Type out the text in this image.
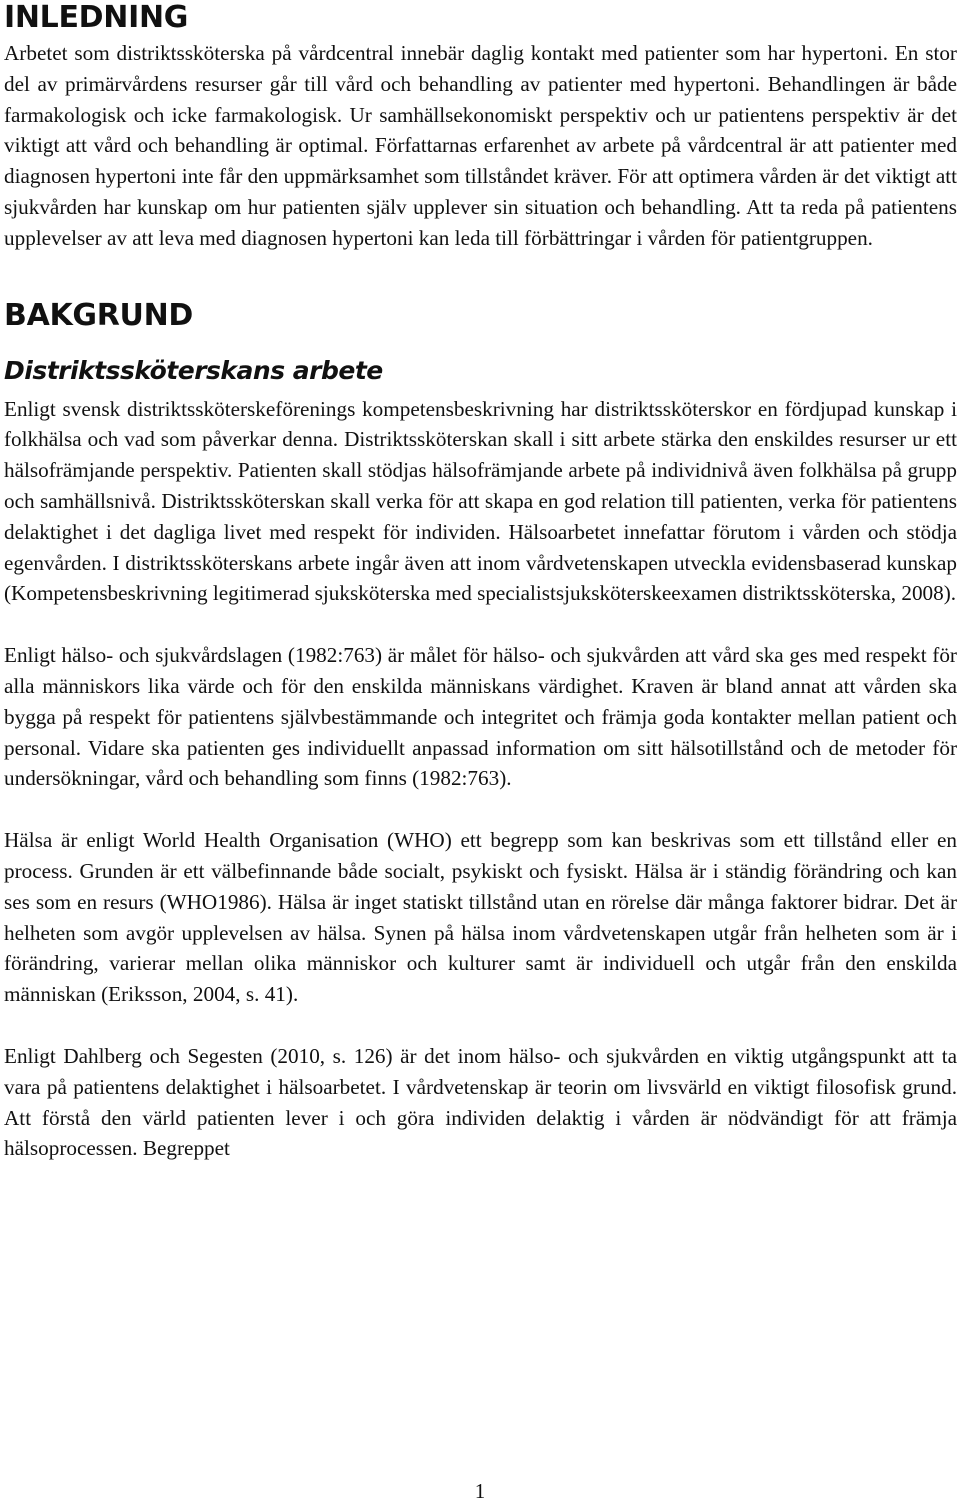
INLEDNING

Arbetet som distriktssköterska på vårdcentral innebär daglig kontakt med patienter som har hypertoni. En stor del av primärvårdens resurser går till vård och behandling av patienter med hypertoni. Behandlingen är både farmakologisk och icke farmakologisk. Ur samhällsekonomiskt perspektiv och ur patientens perspektiv är det viktigt att vård och behandling är optimal. Författarnas erfarenhet av arbete på vårdcentral är att patienter med diagnosen hypertoni inte får den uppmärksamhet som tillståndet kräver. För att optimera vården är det viktigt att sjukvården har kunskap om hur patienten själv upplever sin situation och behandling. Att ta reda på patientens upplevelser av att leva med diagnosen hypertoni kan leda till förbättringar i vården för patientgruppen.

BAKGRUND
Distriktssköterskans arbete

Enligt svensk distriktssköterskeförenings kompetensbeskrivning har distriktssköterskor en fördjupad kunskap i folkhälsa och vad som påverkar denna. Distriktssköterskan skall i sitt arbete stärka den enskildes resurser ur ett hälsofrämjande perspektiv. Patienten skall stödjas hälsofrämjande arbete på individnivå även folkhälsa på grupp och samhällsnivå. Distriktssköterskan skall verka för att skapa en god relation till patienten, verka för patientens delaktighet i det dagliga livet med respekt för individen. Hälsoarbetet innefattar förutom i vården och stödja egenvården. I distriktssköterskans arbete ingår även att inom vårdvetenskapen utveckla evidensbaserad kunskap (Kompetensbeskrivning legitimerad sjuksköterska med specialistsjuksköterskeexamen distriktssköterska, 2008).

Enligt hälso- och sjukvårdslagen (1982:763) är målet för hälso- och sjukvården att vård ska ges med respekt för alla människors lika värde och för den enskilda människans värdighet. Kraven är bland annat att vården ska bygga på respekt för patientens självbestämmande och integritet och främja goda kontakter mellan patient och personal. Vidare ska patienten ges individuellt anpassad information om sitt hälsotillstånd och de metoder för undersökningar, vård och behandling som finns (1982:763).

Hälsa är enligt World Health Organisation (WHO) ett begrepp som kan beskrivas som ett tillstånd eller en process. Grunden är ett välbefinnande både socialt, psykiskt och fysiskt. Hälsa är i ständig förändring och kan ses som en resurs (WHO1986). Hälsa är inget statiskt tillstånd utan en rörelse där många faktorer bidrar. Det är helheten som avgör upplevelsen av hälsa. Synen på hälsa inom vårdvetenskapen utgår från helheten som är i förändring, varierar mellan olika människor och kulturer samt är individuell och utgår från den enskilda människan (Eriksson, 2004, s. 41).

Enligt Dahlberg och Segesten (2010, s. 126) är det inom hälso- och sjukvården en viktig utgångspunkt att ta vara på patientens delaktighet i hälsoarbetet. I vårdvetenskap är teorin om livsvärld en viktigt filosofisk grund. Att förstå den värld patienten lever i och göra individen delaktig i vården är nödvändigt för att främja hälsoprocessen. Begreppet

1
